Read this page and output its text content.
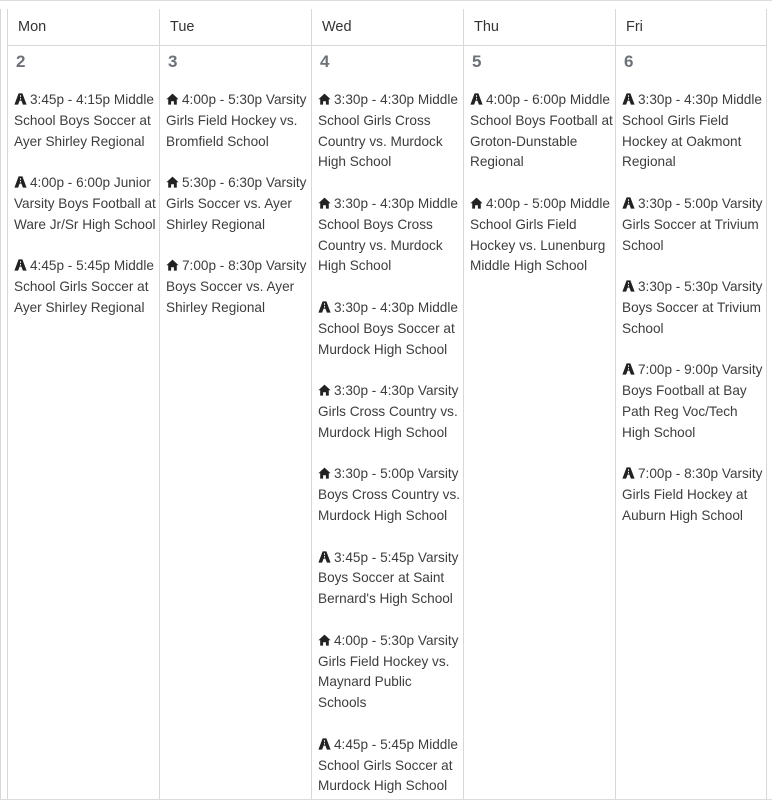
Mon
2
3:45p - 4:15p Middle School Boys Soccer at Ayer Shirley Regional
4:00p - 6:00p Junior Varsity Boys Football at Ware Jr/Sr High School
4:45p - 5:45p Middle School Girls Soccer at Ayer Shirley Regional
Tue
3
4:00p - 5:30p Varsity Girls Field Hockey vs. Bromfield School
5:30p - 6:30p Varsity Girls Soccer vs. Ayer Shirley Regional
7:00p - 8:30p Varsity Boys Soccer vs. Ayer Shirley Regional
Wed
4
3:30p - 4:30p Middle School Girls Cross Country vs. Murdock High School
3:30p - 4:30p Middle School Boys Cross Country vs. Murdock High School
3:30p - 4:30p Middle School Boys Soccer at Murdock High School
3:30p - 4:30p Varsity Girls Cross Country vs. Murdock High School
3:30p - 5:00p Varsity Boys Cross Country vs. Murdock High School
3:45p - 5:45p Varsity Boys Soccer at Saint Bernard's High School
4:00p - 5:30p Varsity Girls Field Hockey vs. Maynard Public Schools
4:45p - 5:45p Middle School Girls Soccer at Murdock High School
Thu
5
4:00p - 6:00p Middle School Boys Football at Groton-Dunstable Regional
4:00p - 5:00p Middle School Girls Field Hockey vs. Lunenburg Middle High School
Fri
6
3:30p - 4:30p Middle School Girls Field Hockey at Oakmont Regional
3:30p - 5:00p Varsity Girls Soccer at Trivium School
3:30p - 5:30p Varsity Boys Soccer at Trivium School
7:00p - 9:00p Varsity Boys Football at Bay Path Reg Voc/Tech High School
7:00p - 8:30p Varsity Girls Field Hockey at Auburn High School
